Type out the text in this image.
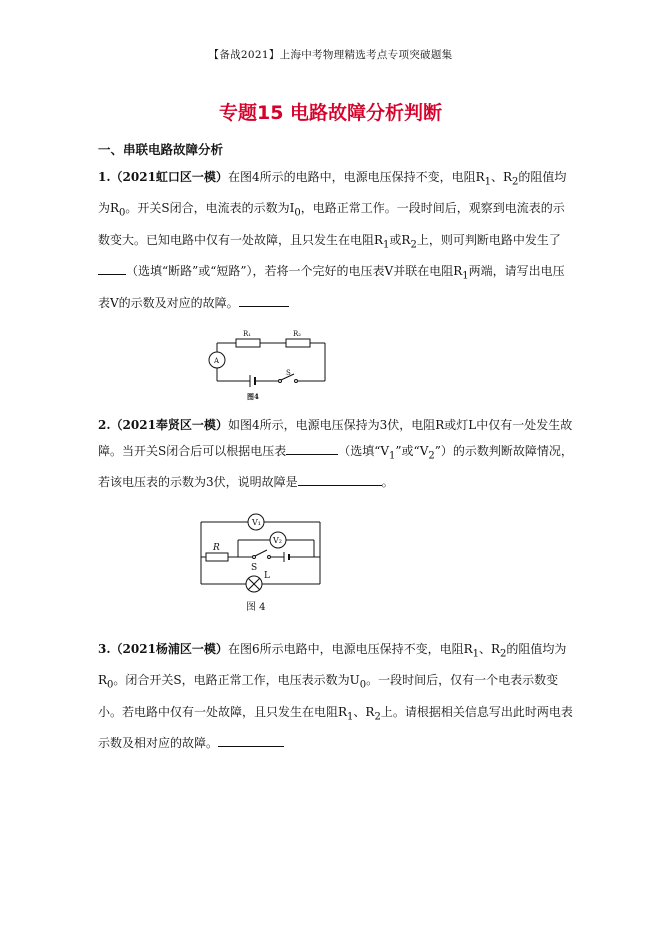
【备战2021】上海中考物理精选考点专项突破题集
专题15 电路故障分析判断
一、串联电路故障分析
1.（2021虹口区一模）在图4所示的电路中，电源电压保持不变，电阻$R_1$、$R_2$的阻值均为$R_0$。开关S闭合，电流表的示数为$I_0$，电路正常工作。一段时间后，观察到电流表的示数变大。已知电路中仅有一处故障，且只发生在电阻$R_1$或$R_2$上，则可判断电路中发生了（选填“断路”或“短路”），若将一个完好的电压表V并联在电阻$R_1$两端，请写出电压表V的示数及对应的故障。
R₁	R₂
A
S
图4
2.（2021奉贤区一模）如图4所示，电源电压保持为3伏，电阻R或灯L中仅有一处发生故障。当开关S闭合后可以根据电压表	（选填“$V_1$”或“$V_2$”）的示数判断故障情况，若该电压表的示数为3伏，说明故障是	。
V₁
V₂
R
S
L
图 4
3.（2021杨浦区一模）在图6所示电路中，电源电压保持不变，电阻$R_1$、$R_2$的阻值均为$R_0$。闭合开关S，电路正常工作，电压表示数为$U_0$。一段时间后，仅有一个电表示数变小。若电路中仅有一处故障，且只发生在电阻$R_1$、$R_2$上。请根据相关信息写出此时两电表示数及相对应的故障。
